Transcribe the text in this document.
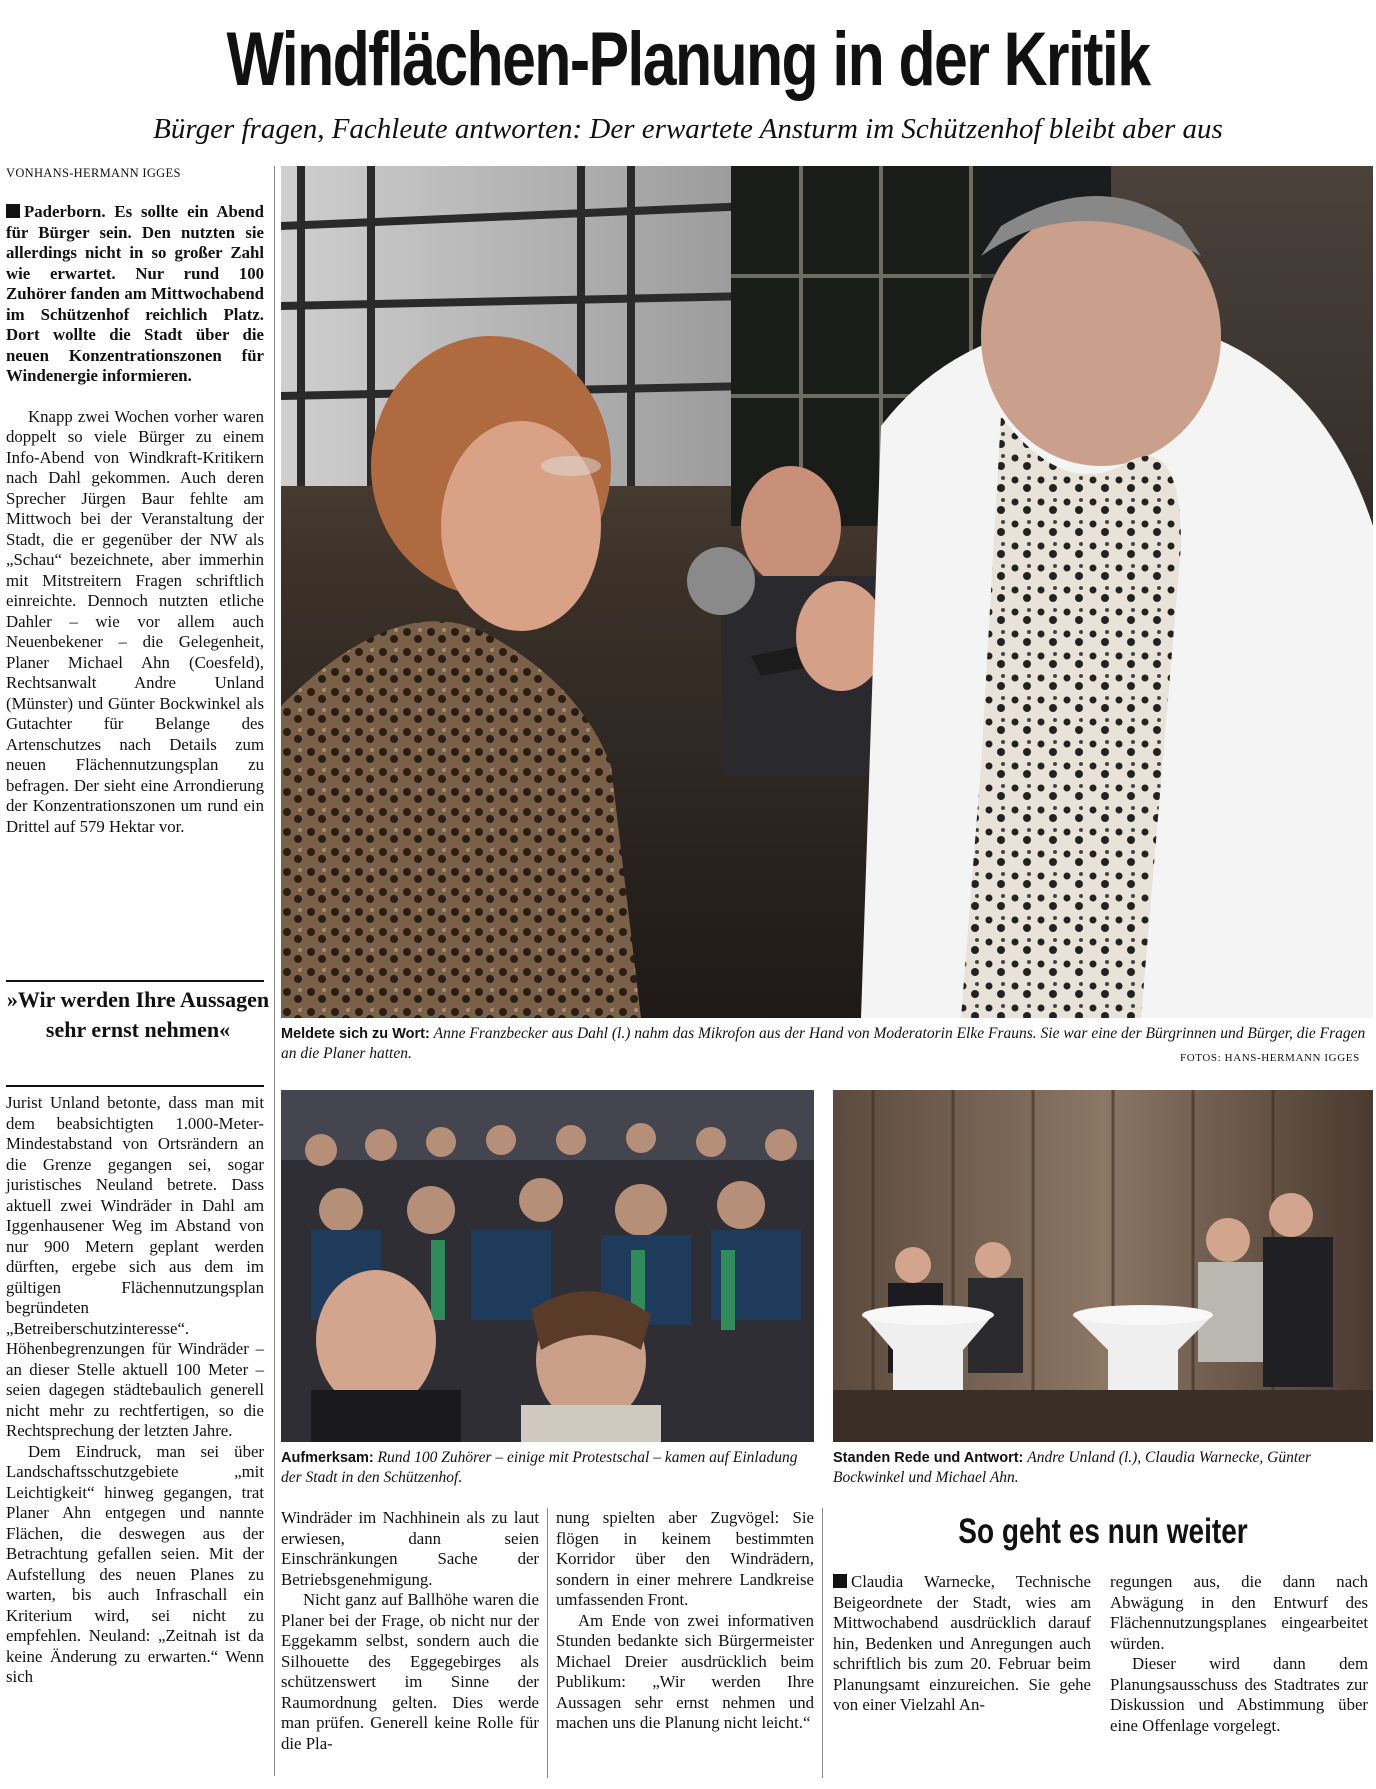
Windflächen-Planung in der Kritik
Bürger fragen, Fachleute antworten: Der erwartete Ansturm im Schützenhof bleibt aber aus
VONHANS-HERMANN IGGES

Paderborn. Es sollte ein Abend für Bürger sein. Den nutzten sie allerdings nicht in so großer Zahl wie erwartet. Nur rund 100 Zuhörer fanden am Mittwochabend im Schützenhof reichlich Platz. Dort wollte die Stadt über die neuen Konzentrationszonen für Windenergie informieren.

Knapp zwei Wochen vorher waren doppelt so viele Bürger zu einem Info-Abend von Windkraft-Kritikern nach Dahl gekommen. Auch deren Sprecher Jürgen Baur fehlte am Mittwoch bei der Veranstaltung der Stadt, die er gegenüber der NW als „Schau“ bezeichnete, aber immerhin mit Mitstreitern Fragen schriftlich einreichte. Dennoch nutzten etliche Dahler – wie vor allem auch Neuenbekener – die Gelegenheit, Planer Michael Ahn (Coesfeld), Rechtsanwalt Andre Unland (Münster) und Günter Bockwinkel als Gutachter für Belange des Artenschutzes nach Details zum neuen Flächennutzungsplan zu befragen. Der sieht eine Arrondierung der Konzentrationszonen um rund ein Drittel auf 579 Hektar vor.

»Wir werden Ihre Aussagen sehr ernst nehmen«

Jurist Unland betonte, dass man mit dem beabsichtigten 1.000-Meter-Mindestabstand von Ortsrändern an die Grenze gegangen sei, sogar juristisches Neuland betrete. Dass aktuell zwei Windräder in Dahl am Iggenhausener Weg im Abstand von nur 900 Metern geplant werden dürften, ergebe sich aus dem im gültigen Flächennutzungsplan begründeten „Betreiberschutzinteresse“. Höhenbegrenzungen für Windräder – an dieser Stelle aktuell 100 Meter – seien dagegen städtebaulich generell nicht mehr zu rechtfertigen, so die Rechtsprechung der letzten Jahre.

Dem Eindruck, man sei über Landschaftsschutzgebiete „mit Leichtigkeit“ hinweg gegangen, trat Planer Ahn entgegen und nannte Flächen, die deswegen aus der Betrachtung gefallen seien. Mit der Aufstellung des neuen Planes zu warten, bis auch Infraschall ein Kriterium wird, sei nicht zu empfehlen. Neuland: „Zeitnah ist da keine Änderung zu erwarten.“ Wenn sich

Meldete sich zu Wort: Anne Franzbecker aus Dahl (l.) nahm das Mikrofon aus der Hand von Moderatorin Elke Frauns. Sie war eine der Bürgrinnen und Bürger, die Fragen an die Planer hatten.	FOTOS: HANS-HERMANN IGGES
Aufmerksam: Rund 100 Zuhörer – einige mit Protestschal – kamen auf Einladung der Stadt in den Schützenhof.
Standen Rede und Antwort: Andre Unland (l.), Claudia Warnecke, Günter Bockwinkel und Michael Ahn.

Windräder im Nachhinein als zu laut erwiesen, dann seien Einschränkungen Sache der Betriebsgenehmigung.

Nicht ganz auf Ballhöhe waren die Planer bei der Frage, ob nicht nur der Eggekamm selbst, sondern auch die Silhouette des Eggegebirges als schützenswert im Sinne der Raumordnung gelten. Dies werde man prüfen. Generell keine Rolle für die Pla-

nung spielten aber Zugvögel: Sie flögen in keinem bestimmten Korridor über den Windrädern, sondern in einer mehrere Landkreise umfassenden Front.

Am Ende von zwei informativen Stunden bedankte sich Bürgermeister Michael Dreier ausdrücklich beim Publikum: „Wir werden Ihre Aussagen sehr ernst nehmen und machen uns die Planung nicht leicht.“

So geht es nun weiter

Claudia Warnecke, Technische Beigeordnete der Stadt, wies am Mittwochabend ausdrücklich darauf hin, Bedenken und Anregungen auch schriftlich bis zum 20. Februar beim Planungsamt einzureichen. Sie gehe von einer Vielzahl An-

regungen aus, die dann nach Abwägung in den Entwurf des Flächennutzungsplanes eingearbeitet würden.

Dieser wird dann dem Planungsausschuss des Stadtrates zur Diskussion und Abstimmung über eine Offenlage vorgelegt.
